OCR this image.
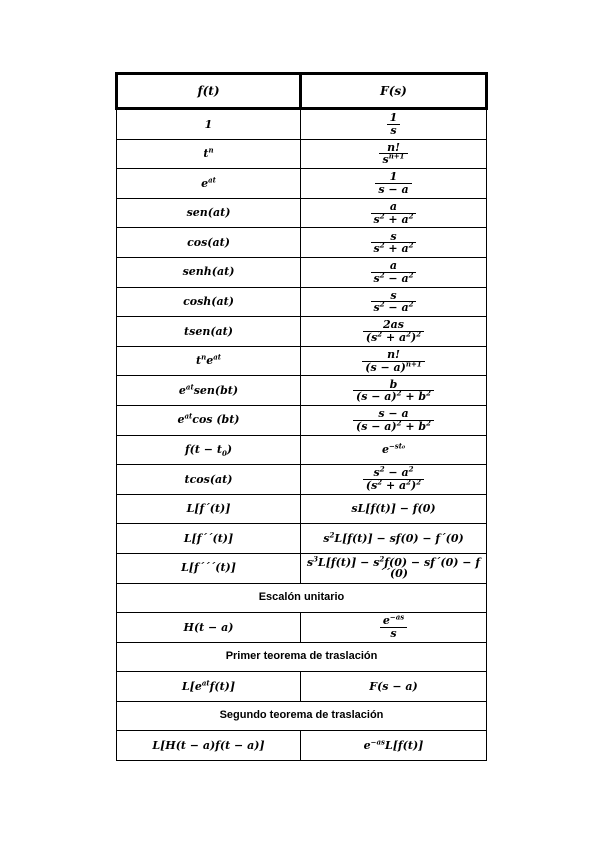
f(t)	F(s)
1	$\frac{1}{s}$

$t^n$	$\frac{n!}{s^{n+1}}$

$e^{at}$	$\frac{1}{s - a}$

sen(at)	$\frac{a}{s^2 + a^2}$

cos(at)	$\frac{s}{s^2 + a^2}$

senh(at)	$\frac{a}{s^2 - a^2}$

cosh(at)	$\frac{s}{s^2 - a^2}$

tsen(at)	$\frac{2as}{(s^2 + a^2)^2}$

$t^ne^{at}$	$\frac{n!}{(s - a)^{n+1}}$

$e^{at}sen(bt)$	$\frac{b}{(s - a)^2 + b^2}$

$e^{at}\cos$ (bt)	$\frac{s - a}{(s - a)^2 + b^2}$

$f(t - t_0)$	$e^{-st_0}$
tcos(at)	$\frac{s^2 - a^2}{(s^2 + a^2)^2}$

L[f´(t)]	sL[f(t)] − f(0)
L[f´´(t)]	$s^2L[f(t)] - sf(0)$ − f´(0)
L[f´´´(t)]	$s^3L[f(t)] - s^2f(0)$ − sf´(0) − f´´(0)
Escalón unitario	
H(t − a)	$\frac{e^{-as}}{s}$

Primer teorema de traslación	
$L[e^{at}f(t)]$	F(s − a)
Segundo teorema de traslación	
L[H(t − a)f(t − a)]	$e^{-as}L[f(t)]$
